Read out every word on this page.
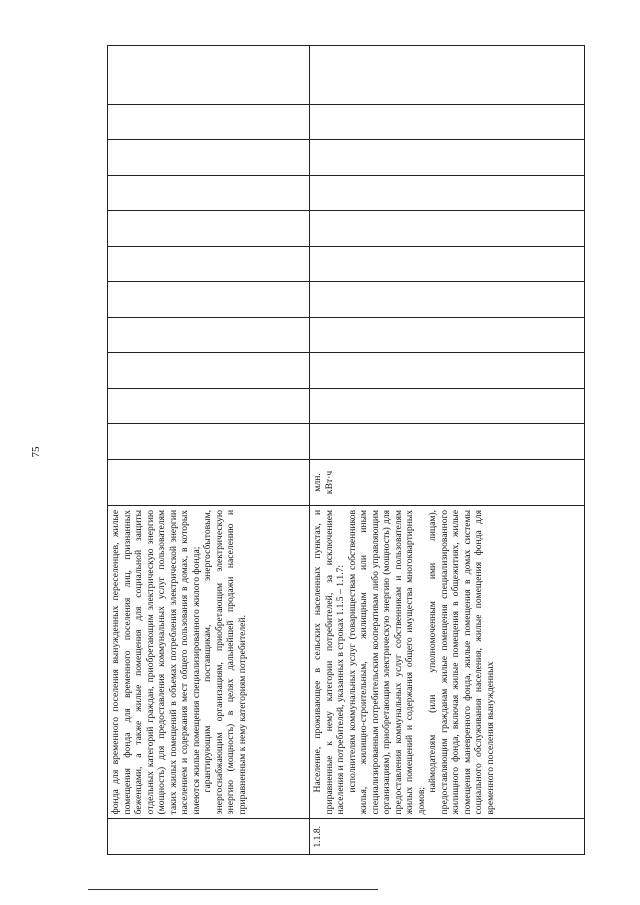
75

	фонда для временного поселения вынужденных переселенцев, жилые помещения фонда для временного поселения лиц, признанных беженцами, а также жилые помещения для социальной защиты отдельных категорий граждан, приобретающим электрическую энергию (мощность) для предоставления коммунальных услуг пользователям таких жилых помещений в объемах потребления электрической энергии населением и содержания мест общего пользования в домах, в которых имеются жилые помещения специализированного жилого фонда; гарантирующим поставщикам, энергосбытовым, энергоснабжающим организациям, приобретающим электрическую энергию (мощность) в целях дальнейшей продажи населению и приравненным к нему категориям потребителей.												

1.1.8.	Население, проживающее в сельских населенных пунктах, и приравненные к нему категории потребителей, за исключением населения и потребителей, указанных в строках 1.1.5 – 1.1.7: исполнителям коммунальных услуг (товариществам собственников жилья, жилищно-строительным, жилищным или иным специализированным потребительским кооперативам либо управляющим организациям), приобретающим электрическую энергию (мощность) для предоставления коммунальных услуг собственникам и пользователям жилых помещений и содержания общего имущества многоквартирных домов;

наймодателям (или уполномоченным ими лицам), предоставляющим гражданам жилые помещения специализированного жилищного фонда, включая жилые помещения в общежитиях, жилые помещения маневренного фонда, жилые помещения в домах системы социального обслуживания населения, жилые помещения фонда для временного поселения вынужденных	млн. кВт·ч											
